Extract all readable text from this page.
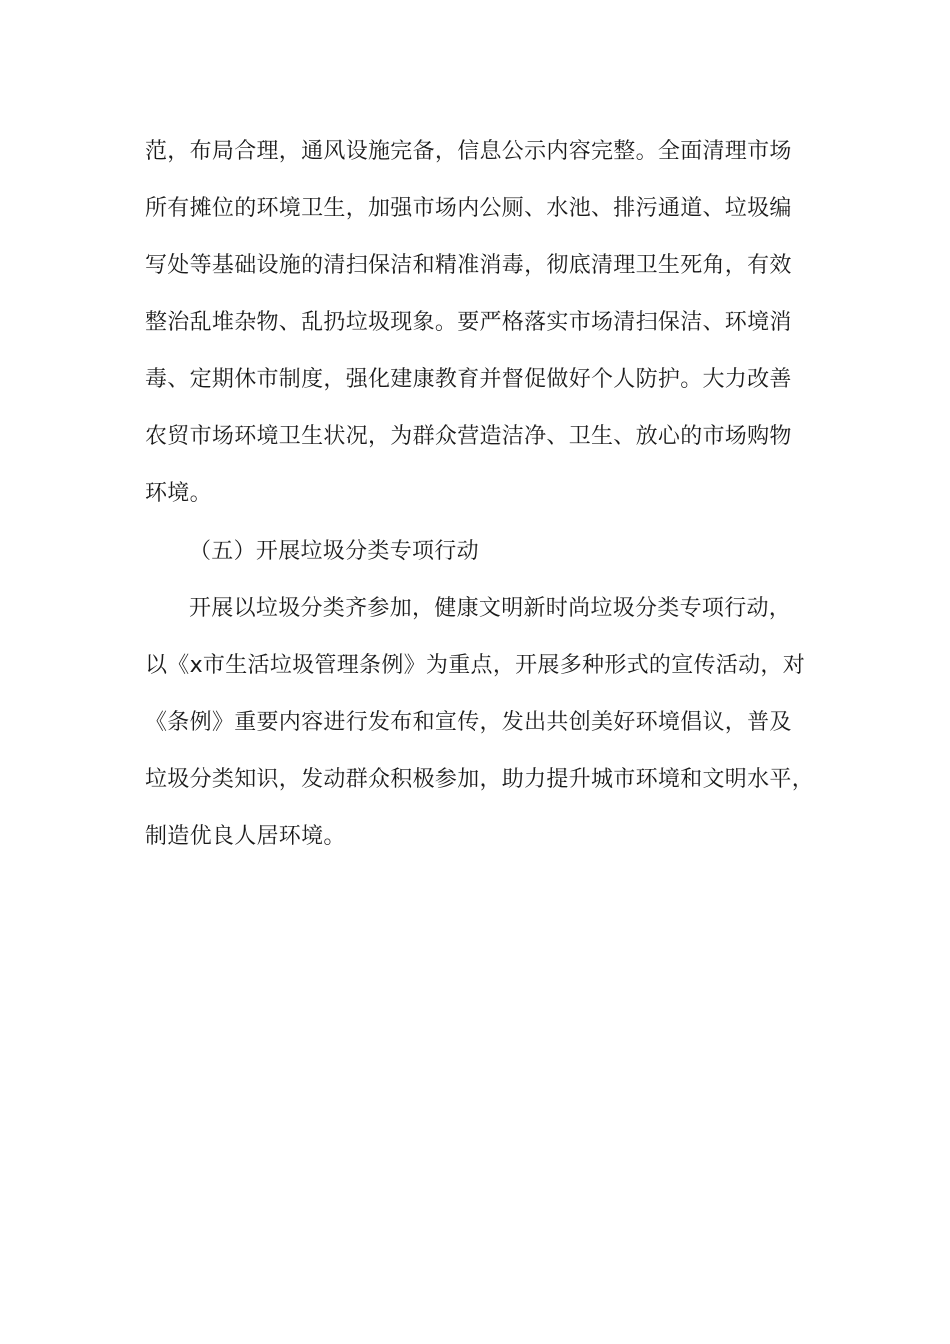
范，布局合理，通风设施完备，信息公示内容完整。全面清理市场
所有摊位的环境卫生，加强市场内公厕、水池、排污通道、垃圾编
写处等基础设施的清扫保洁和精准消毒，彻底清理卫生死角，有效
整治乱堆杂物、乱扔垃圾现象。要严格落实市场清扫保洁、环境消
毒、定期休市制度，强化建康教育并督促做好个人防护。大力改善
农贸市场环境卫生状况，为群众营造洁净、卫生、放心的市场购物
环境。
（五）开展垃圾分类专项行动
开展以垃圾分类齐参加，健康文明新时尚垃圾分类专项行动，
以《x市生活垃圾管理条例》为重点，开展多种形式的宣传活动，对
《条例》重要内容进行发布和宣传，发出共创美好环境倡议，普及
垃圾分类知识，发动群众积极参加，助力提升城市环境和文明水平，
制造优良人居环境。
